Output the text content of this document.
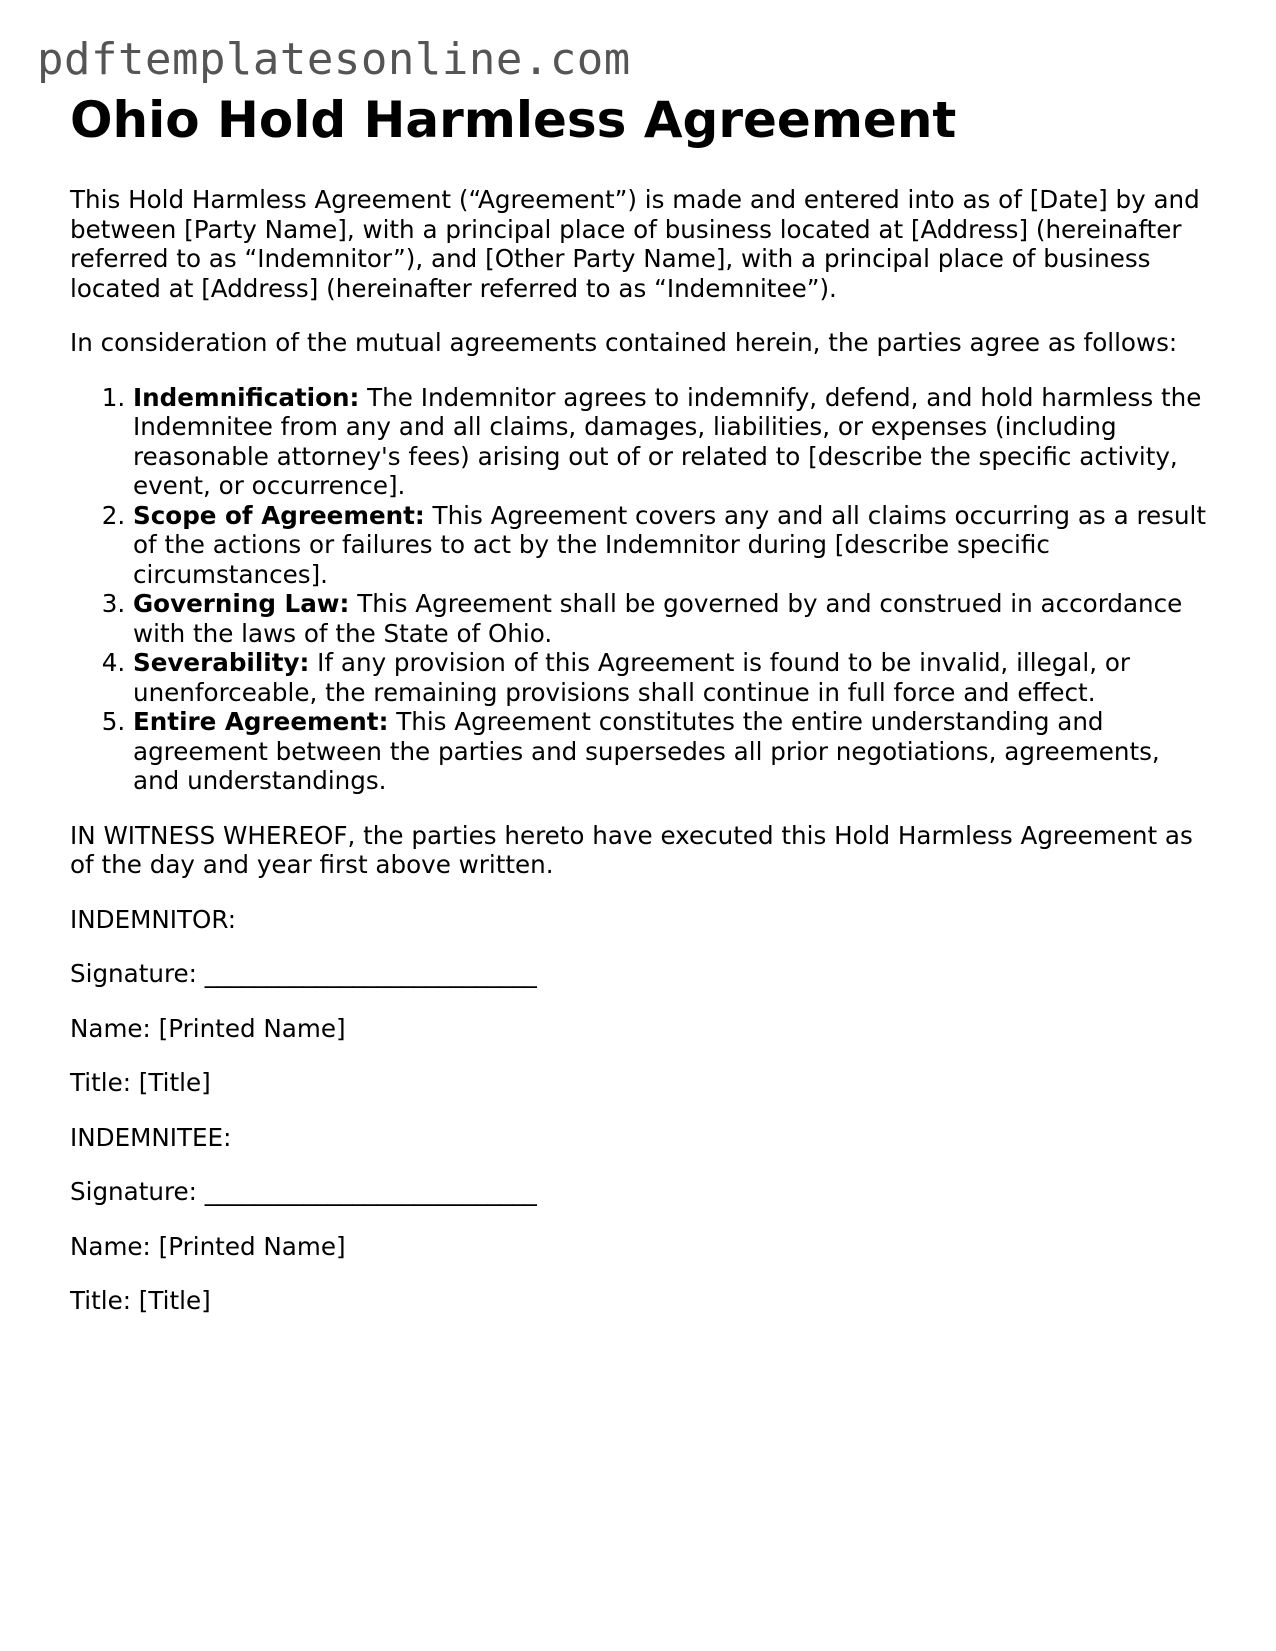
pdftemplatesonline.com
Ohio Hold Harmless Agreement

This Hold Harmless Agreement (“Agreement”) is made and entered into as of [Date] by and between [Party Name], with a principal place of business located at [Address] (hereinafter referred to as “Indemnitor”), and [Other Party Name], with a principal place of business located at [Address] (hereinafter referred to as “Indemnitee”).

In consideration of the mutual agreements contained herein, the parties agree as follows:

1. Indemnification: The Indemnitor agrees to indemnify, defend, and hold harmless the Indemnitee from any and all claims, damages, liabilities, or expenses (including reasonable attorney's fees) arising out of or related to [describe the specific activity, event, or occurrence].
2. Scope of Agreement: This Agreement covers any and all claims occurring as a result of the actions or failures to act by the Indemnitor during [describe specific circumstances].
3. Governing Law: This Agreement shall be governed by and construed in accordance with the laws of the State of Ohio.
4. Severability: If any provision of this Agreement is found to be invalid, illegal, or unenforceable, the remaining provisions shall continue in full force and effect.
5. Entire Agreement: This Agreement constitutes the entire understanding and agreement between the parties and supersedes all prior negotiations, agreements, and understandings.

IN WITNESS WHEREOF, the parties hereto have executed this Hold Harmless Agreement as of the day and year first above written.

INDEMNITOR:

Signature: ___________________________

Name: [Printed Name]

Title: [Title]

INDEMNITEE:

Signature: ___________________________

Name: [Printed Name]

Title: [Title]
